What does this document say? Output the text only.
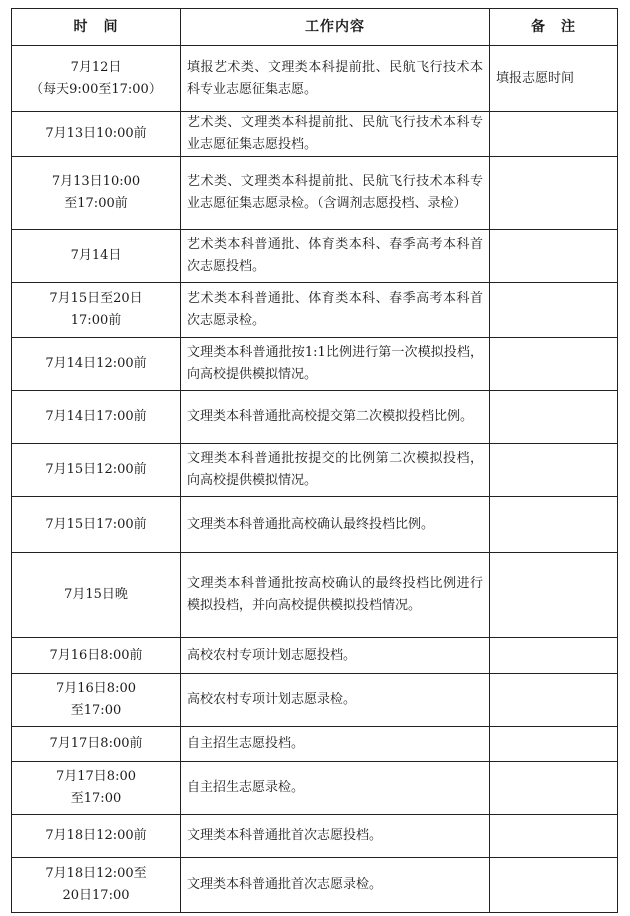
时　间	工作内容	备　注
7月12日
（每天9:00至17:00）	填报艺术类、文理类本科提前批、民航飞行技术本科专业志愿征集志愿。	填报志愿时间
7月13日10:00前	艺术类、文理类本科提前批、民航飞行技术本科专业志愿征集志愿投档。	
7月13日10:00
至17:00前	艺术类、文理类本科提前批、民航飞行技术本科专业志愿征集志愿录检。（含调剂志愿投档、录检）	
7月14日	艺术类本科普通批、体育类本科、春季高考本科首次志愿投档。	
7月15日至20日
17:00前	艺术类本科普通批、体育类本科、春季高考本科首次志愿录检。	
7月14日12:00前	文理类本科普通批按1:1比例进行第一次模拟投档，向高校提供模拟情况。	
7月14日17:00前	文理类本科普通批高校提交第二次模拟投档比例。	
7月15日12:00前	文理类本科普通批按提交的比例第二次模拟投档，向高校提供模拟情况。	
7月15日17:00前	文理类本科普通批高校确认最终投档比例。	
7月15日晚	文理类本科普通批按高校确认的最终投档比例进行模拟投档，并向高校提供模拟投档情况。	
7月16日8:00前	高校农村专项计划志愿投档。	
7月16日8:00
至17:00	高校农村专项计划志愿录检。	
7月17日8:00前	自主招生志愿投档。	
7月17日8:00
至17:00	自主招生志愿录检。	
7月18日12:00前	文理类本科普通批首次志愿投档。	
7月18日12:00至
20日17:00	文理类本科普通批首次志愿录检。	
